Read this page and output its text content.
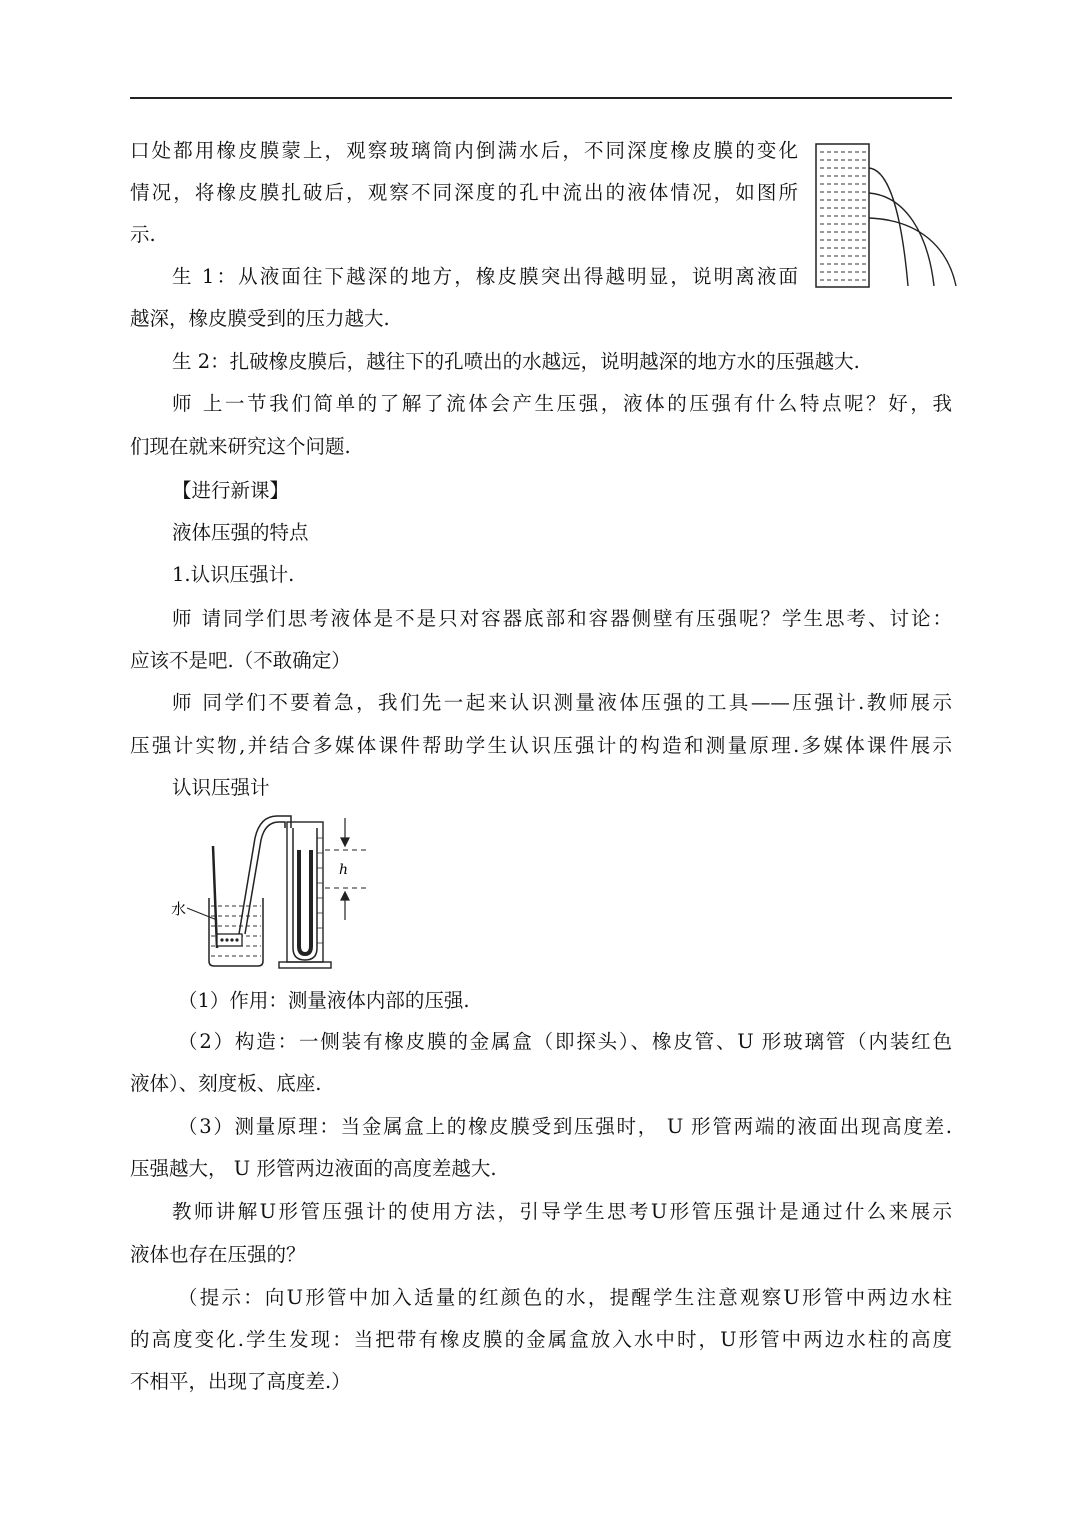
口处都用橡皮膜蒙上，观察玻璃筒内倒满水后，不同深度橡皮膜的变化

情况，将橡皮膜扎破后，观察不同深度的孔中流出的液体情况，如图所

示.

生 1：从液面往下越深的地方，橡皮膜突出得越明显，说明离液面

越深，橡皮膜受到的压力越大.

生 2：扎破橡皮膜后，越往下的孔喷出的水越远，说明越深的地方水的压强越大.

师 上一节我们简单的了解了流体会产生压强，液体的压强有什么特点呢？好，我

们现在就来研究这个问题.

【进行新课】

液体压强的特点

1.认识压强计.

师 请同学们思考液体是不是只对容器底部和容器侧壁有压强呢？学生思考、讨论：

应该不是吧.（不敢确定）

师 同学们不要着急，我们先一起来认识测量液体压强的工具——压强计.教师展示

压强计实物,并结合多媒体课件帮助学生认识压强计的构造和测量原理.多媒体课件展示

认识压强计

h
水

（1）作用：测量液体内部的压强.

（2）构造：一侧装有橡皮膜的金属盒（即探头）、橡皮管、U 形玻璃管（内装红色

液体）、刻度板、底座.

（3）测量原理：当金属盒上的橡皮膜受到压强时， U 形管两端的液面出现高度差.

压强越大， U 形管两边液面的高度差越大.

教师讲解U形管压强计的使用方法，引导学生思考U形管压强计是通过什么来展示

液体也存在压强的？

（提示：向U形管中加入适量的红颜色的水，提醒学生注意观察U形管中两边水柱

的高度变化.学生发现：当把带有橡皮膜的金属盒放入水中时，U形管中两边水柱的高度

不相平，出现了高度差.）
